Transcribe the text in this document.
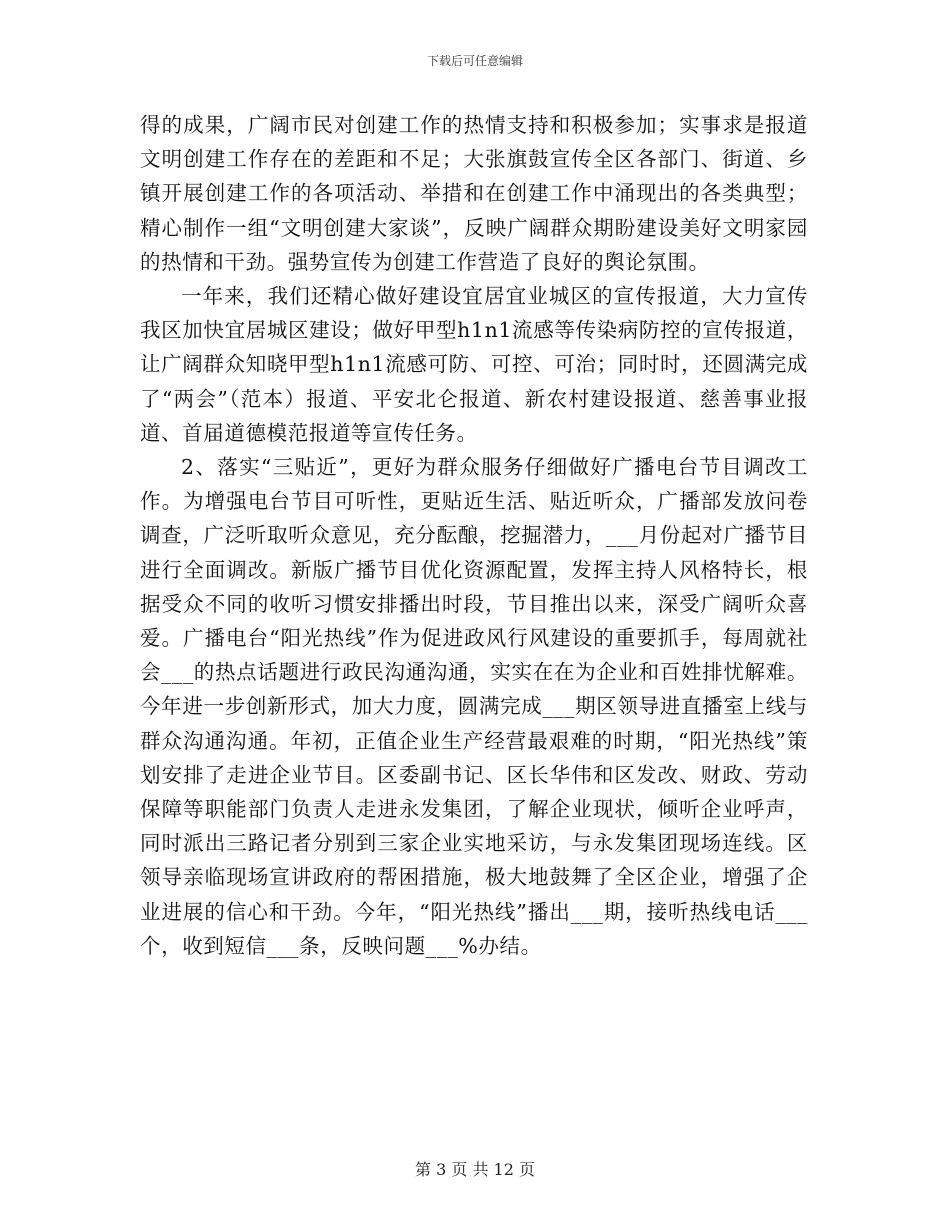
下载后可任意编辑

得的成果，广阔市民对创建工作的热情支持和积极参加；实事求是报道文明创建工作存在的差距和不足；大张旗鼓宣传全区各部门、街道、乡镇开展创建工作的各项活动、举措和在创建工作中涌现出的各类典型；精心制作一组“文明创建大家谈”，反映广阔群众期盼建设美好文明家园的热情和干劲。强势宣传为创建工作营造了良好的舆论氛围。

一年来，我们还精心做好建设宜居宜业城区的宣传报道，大力宣传我区加快宜居城区建设；做好甲型h1n1流感等传染病防控的宣传报道，让广阔群众知晓甲型h1n1流感可防、可控、可治；同时时，还圆满完成了“两会”（范本）报道、平安北仑报道、新农村建设报道、慈善事业报道、首届道德模范报道等宣传任务。

2、落实“三贴近”，更好为群众服务仔细做好广播电台节目调改工作。为增强电台节目可听性，更贴近生活、贴近听众，广播部发放问卷调查，广泛听取听众意见，充分酝酿，挖掘潜力，___月份起对广播节目进行全面调改。新版广播节目优化资源配置，发挥主持人风格特长，根据受众不同的收听习惯安排播出时段，节目推出以来，深受广阔听众喜爱。广播电台“阳光热线”作为促进政风行风建设的重要抓手，每周就社会___的热点话题进行政民沟通沟通，实实在在为企业和百姓排忧解难。今年进一步创新形式，加大力度，圆满完成___期区领导进直播室上线与群众沟通沟通。年初，正值企业生产经营最艰难的时期，“阳光热线”策划安排了走进企业节目。区委副书记、区长华伟和区发改、财政、劳动保障等职能部门负责人走进永发集团，了解企业现状，倾听企业呼声，同时派出三路记者分别到三家企业实地采访，与永发集团现场连线。区领导亲临现场宣讲政府的帮困措施，极大地鼓舞了全区企业，增强了企业进展的信心和干劲。今年，“阳光热线”播出___期，接听热线电话___个，收到短信___条，反映问题___%办结。

第 3 页 共 12 页
